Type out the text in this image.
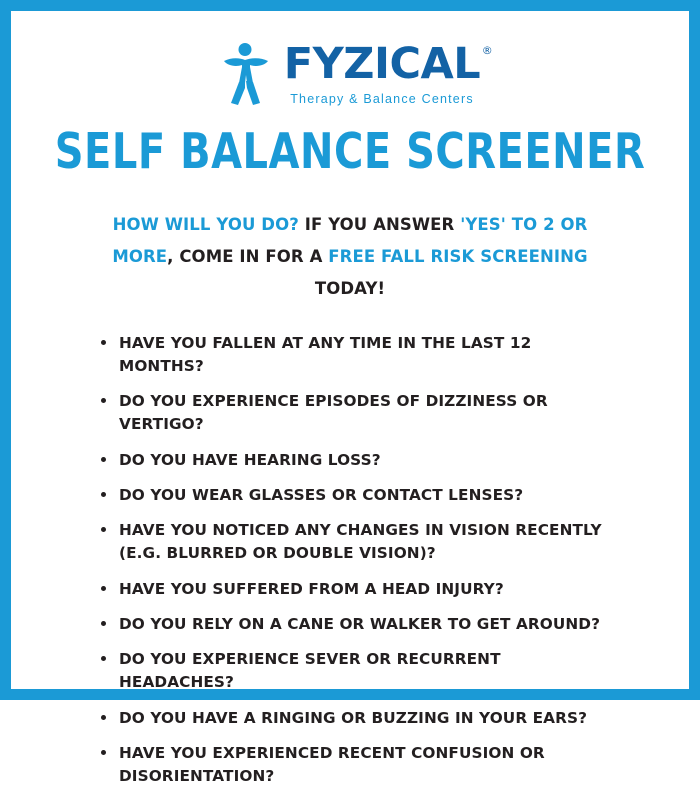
FYZICAL ®
Therapy & Balance Centers
SELF BALANCE SCREENER
HOW WILL YOU DO? IF YOU ANSWER 'YES' TO 2 OR MORE, COME IN FOR A FREE FALL RISK SCREENING TODAY!
HAVE YOU FALLEN AT ANY TIME IN THE LAST 12 MONTHS?
DO YOU EXPERIENCE EPISODES OF DIZZINESS OR VERTIGO?
DO YOU HAVE HEARING LOSS?
DO YOU WEAR GLASSES OR CONTACT LENSES?
HAVE YOU NOTICED ANY CHANGES IN VISION RECENTLY (E.G. BLURRED OR DOUBLE VISION)?
HAVE YOU SUFFERED FROM A HEAD INJURY?
DO YOU RELY ON A CANE OR WALKER TO GET AROUND?
DO YOU EXPERIENCE SEVER OR RECURRENT HEADACHES?
DO YOU HAVE A RINGING OR BUZZING IN YOUR EARS?
HAVE YOU EXPERIENCED RECENT CONFUSION OR DISORIENTATION?
